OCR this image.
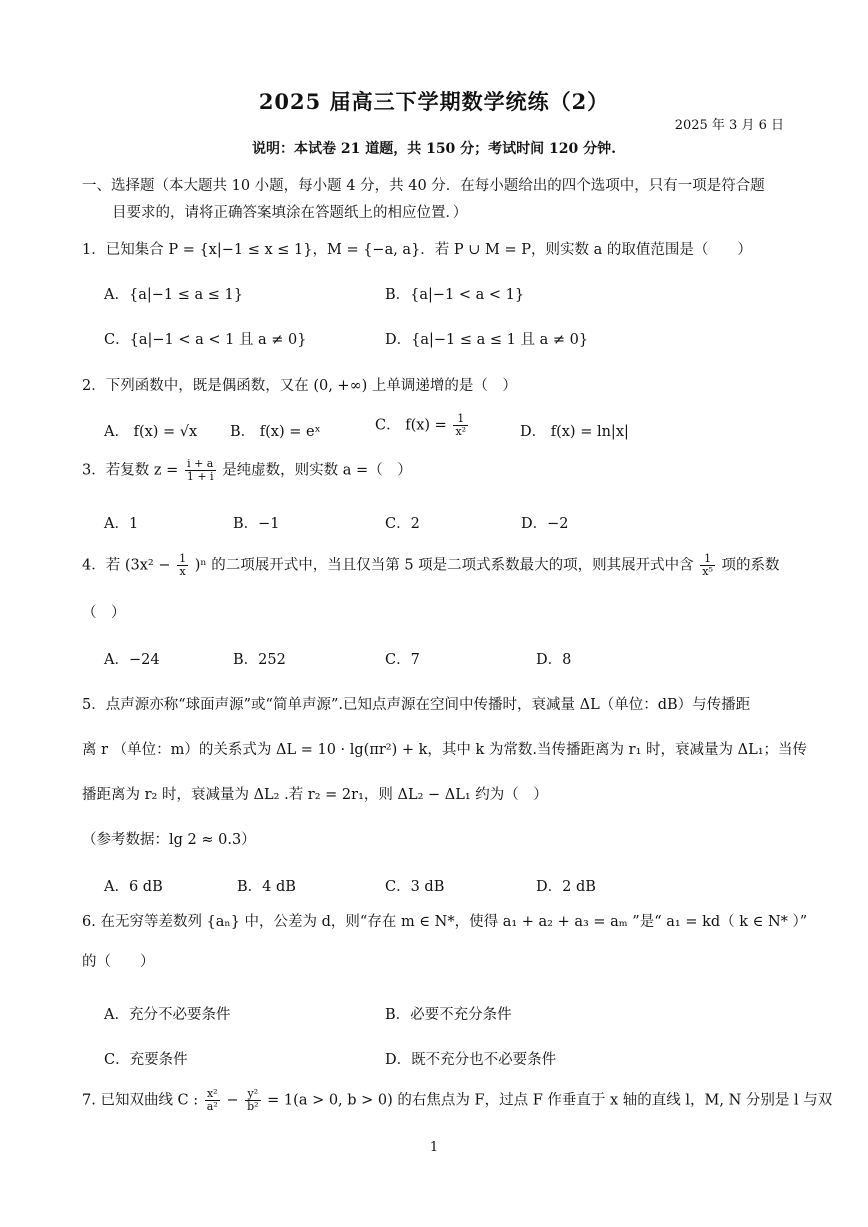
2025 届高三下学期数学统练（2）
2025 年 3 月 6 日
说明：本试卷 21 道题，共 150 分；考试时间 120 分钟.
一、选择题（本大题共 10 小题，每小题 4 分，共 40 分．在每小题给出的四个选项中，只有一项是符合题
目要求的，请将正确答案填涂在答题纸上的相应位置．）
1．已知集合 P = {x|−1 ≤ x ≤ 1}，M = {−a, a}．若 P ∪ M = P，则实数 a 的取值范围是（　　）
A．{a|−1 ≤ a ≤ 1}	B．{a|−1 < a < 1}
C．{a|−1 < a < 1 且 a ≠ 0}	D．{a|−1 ≤ a ≤ 1 且 a ≠ 0}
2．下列函数中，既是偶函数，又在 (0, +∞) 上单调递增的是（　）
A． f(x) = √x B． f(x) = eˣ	C． $f(x) = \frac{1}{\text{x²}}$	D． f(x) = ln|x|
3．若复数 $z = \frac{i + a}{1 + i}$ 是纯虚数，则实数 a =（　）
A．1	B．−1	C．2	D．−2
4．若 $(3x^2 - \frac{1}{x} )^n$ 的二项展开式中，当且仅当第 5 项是二项式系数最大的项，则其展开式中含 $\frac{1}{\text{x⁵}}$ 项的系数
（　）
A．−24	B．252	C．7	D．8
5．点声源亦称“球面声源”或“简单声源”.已知点声源在空间中传播时，衰减量 ΔL（单位：dB）与传播距
离 r （单位：m）的关系式为 ΔL = 10 · lg(πr²) + k，其中 k 为常数.当传播距离为 r₁ 时，衰减量为 ΔL₁；当传
播距离为 r₂ 时，衰减量为 ΔL₂ .若 r₂ = 2r₁，则 ΔL₂ − ΔL₁ 约为（　）
（参考数据：lg 2 ≈ 0.3）
A．6 dB	B．4 dB	C．3 dB	D．2 dB
6. 在无穷等差数列 {aₙ} 中，公差为 d，则“存在 m ∈ N*，使得 a₁ + a₂ + a₃ = aₘ ”是“ a₁ = kd（ k ∈ N* ）”
的（　　）
A．充分不必要条件	B．必要不充分条件
C．充要条件	D．既不充分也不必要条件
7. 已知双曲线 C : $\frac{\text{x²}}{\text{a²}} - \frac{\text{y²}}{\text{b²}} = 1(a > 0$, b > 0) 的右焦点为 F，过点 F 作垂直于 x 轴的直线 l，M, N 分别是 l 与双
1
